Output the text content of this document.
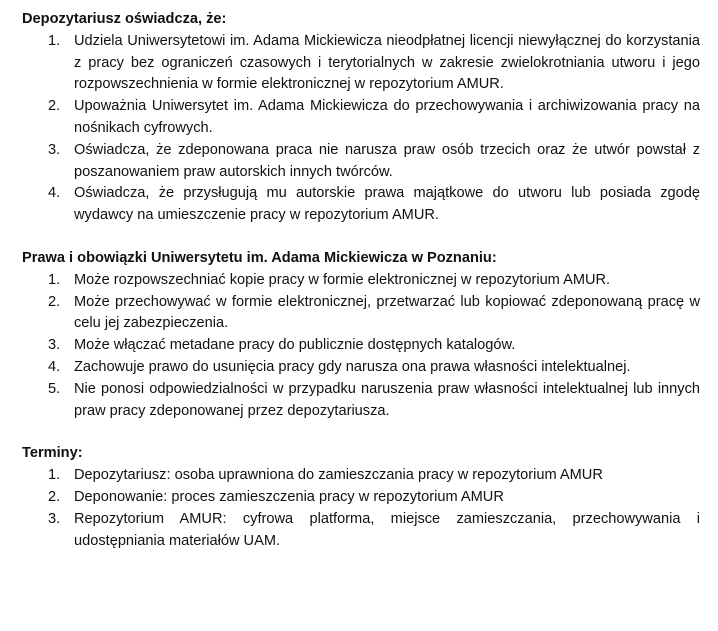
Depozytariusz oświadcza, że:

1. Udziela Uniwersytetowi im. Adama Mickiewicza nieodpłatnej licencji niewyłącznej do korzystania z pracy bez ograniczeń czasowych i terytorialnych w zakresie zwielokrotniania utworu i jego rozpowszechnienia w formie elektronicznej w repozytorium AMUR.
2. Upoważnia Uniwersytet im. Adama Mickiewicza do przechowywania i archiwizowania pracy na nośnikach cyfrowych.
3. Oświadcza, że zdeponowana praca nie narusza praw osób trzecich oraz że utwór powstał z poszanowaniem praw autorskich innych twórców.
4. Oświadcza, że przysługują mu autorskie prawa majątkowe do utworu lub posiada zgodę wydawcy na umieszczenie pracy w repozytorium AMUR.

Prawa i obowiązki Uniwersytetu im. Adama Mickiewicza w Poznaniu:

1. Może rozpowszechniać kopie pracy w formie elektronicznej w repozytorium AMUR.
2. Może przechowywać w formie elektronicznej, przetwarzać lub kopiować zdeponowaną pracę w celu jej zabezpieczenia.
3. Może włączać metadane pracy do publicznie dostępnych katalogów.
4. Zachowuje prawo do usunięcia pracy gdy narusza ona prawa własności intelektualnej.
5. Nie ponosi odpowiedzialności w przypadku naruszenia praw własności intelektualnej lub innych praw pracy zdeponowanej przez depozytariusza.

Terminy:

1. Depozytariusz: osoba uprawniona do zamieszczania pracy w repozytorium AMUR
2. Deponowanie: proces zamieszczenia pracy w repozytorium AMUR
3. Repozytorium AMUR: cyfrowa platforma, miejsce zamieszczania, przechowywania i udostępniania materiałów UAM.
